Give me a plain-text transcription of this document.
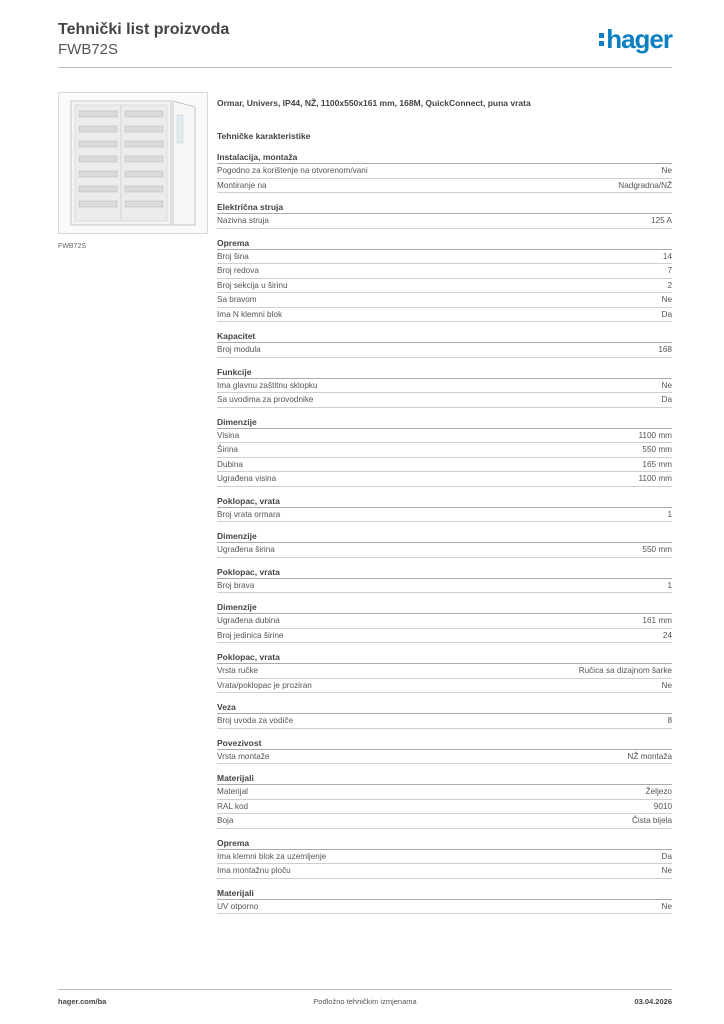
Tehnički list proizvoda
FWB72S	hager
FWB72S
Ormar, Univers, IP44, NŽ, 1100x550x161 mm, 168M, QuickConnect, puna vrata
Tehničke karakteristike
Instalacija, montaža
Pogodno za korištenje na otvorenom/vani	Ne
Montiranje na	Nadgradna/NŽ
Električna struja
Nazivna struja	125 A
Oprema
Broj šina	14
Broj redova	7
Broj sekcija u širinu	2
Sa bravom	Ne
Ima N klemni blok	Da
Kapacitet
Broj modula	168
Funkcije
Ima glavnu zaštitnu sklopku	Ne
Sa uvodima za provodnike	Da
Dimenzije
Visina	1100 mm
Širina	550 mm
Dubina	165 mm
Ugrađena visina	1100 mm
Poklopac, vrata
Broj vrata ormara	1
Dimenzije
Ugrađena širina	550 mm
Poklopac, vrata
Broj brava	1
Dimenzije
Ugrađena dubina	161 mm
Broj jedinica širine	24
Poklopac, vrata
Vrsta ručke	Ručica sa dizajnom šarke
Vrata/poklopac je proziran	Ne
Veza
Broj uvoda za vodiče	8
Povezivost
Vrsta montaže	NŽ montaža
Materijali
Materijal	Željezo
RAL kod	9010
Boja	Čista bijela
Oprema
Ima klemni blok za uzemljenje	Da
Ima montažnu ploču	Ne
Materijali
UV otporno	Ne
hager.com/ba	Podložno tehničkim izmjenama	03.04.2026
